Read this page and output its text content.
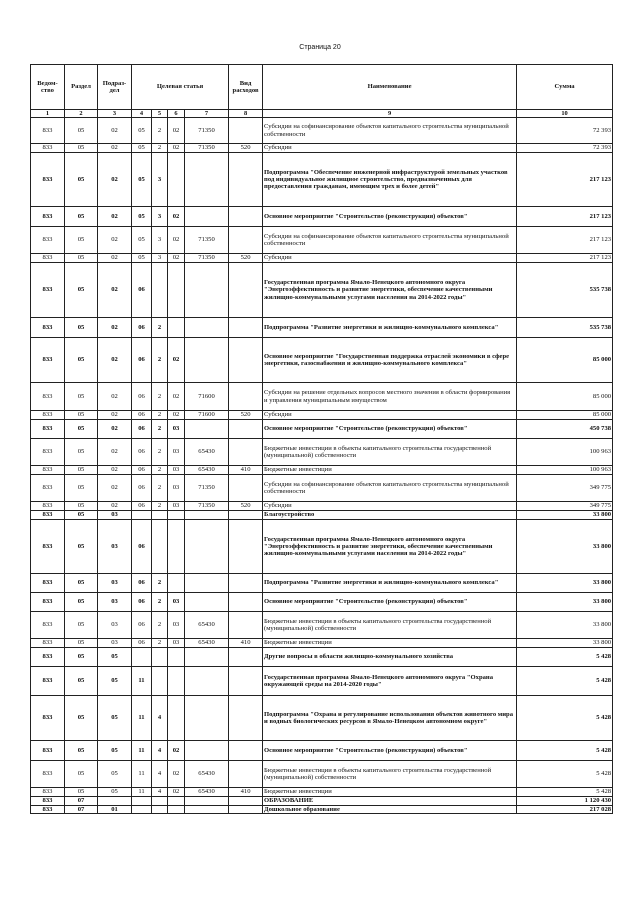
Страница 20
Ведом-ство	Раздел	Подраз-дел	Целевая статья				Вид расходов	Наименование	Сумма
1	2	3	4	5	6	7	8	9	10
833	05	02	05	2	02	71350		Субсидии на софинансирование объектов капитального строительства муниципальной собственности	72 393
833	05	02	05	2	02	71350	520	Субсидии	72 393
833	05	02	05	3				Подпрограмма "Обеспечение инженерной инфраструктурой земельных участков под индивидуальное жилищное строительство, предназначенных для предоставления гражданам, имеющим трех и более детей"	217 123
833	05	02	05	3	02			Основное мероприятие "Строительство (реконструкция) объектов"	217 123
833	05	02	05	3	02	71350		Субсидии на софинансирование объектов капитального строительства муниципальной собственности	217 123
833	05	02	05	3	02	71350	520	Субсидии	217 123
833	05	02	06					Государственная программа Ямало-Ненецкого автономного округа "Энергоэффективность и развитие энергетики, обеспечение качественными жилищно-коммунальными услугами населения на 2014-2022 годы"	535 738
833	05	02	06	2				Подпрограмма "Развитие энергетики и жилищно-коммунального комплекса"	535 738
833	05	02	06	2	02			Основное мероприятие "Государственная поддержка отраслей экономики в сфере энергетики, газоснабжения и жилищно-коммунального комплекса"	85 000
833	05	02	06	2	02	71600		Субсидии на решение отдельных вопросов местного значения в области формирования и управления муниципальным имуществом	85 000
833	05	02	06	2	02	71600	520	Субсидии	85 000
833	05	02	06	2	03			Основное мероприятие "Строительство (реконструкция) объектов"	450 738
833	05	02	06	2	03	65430		Бюджетные инвестиции в объекты капитального строительства государственной (муниципальной) собственности	100 963
833	05	02	06	2	03	65430	410	Бюджетные инвестиции	100 963
833	05	02	06	2	03	71350		Субсидии на софинансирование объектов капитального строительства муниципальной собственности	349 775
833	05	02	06	2	03	71350	520	Субсидии	349 775
833	05	03						Благоустройство	33 800
833	05	03	06					Государственная программа Ямало-Ненецкого автономного округа "Энергоэффективность и развитие энергетики, обеспечение качественными жилищно-коммунальными услугами населения на 2014-2022 годы"	33 800
833	05	03	06	2				Подпрограмма "Развитие энергетики и жилищно-коммунального комплекса"	33 800
833	05	03	06	2	03			Основное мероприятие "Строительство (реконструкция) объектов"	33 800
833	05	03	06	2	03	65430		Бюджетные инвестиции в объекты капитального строительства государственной (муниципальной) собственности	33 800
833	05	03	06	2	03	65430	410	Бюджетные инвестиции	33 800
833	05	05						Другие вопросы в области жилищно-коммунального хозяйства	5 428
833	05	05	11					Государственная программа Ямало-Ненецкого автономного округа "Охрана окружающей среды на 2014-2020 годы"	5 428
833	05	05	11	4				Подпрограмма "Охрана и регулирование использования объектов животного мира и водных биологических ресурсов в Ямало-Ненецком автономном округе"	5 428
833	05	05	11	4	02			Основное мероприятие "Строительство (реконструкция) объектов"	5 428
833	05	05	11	4	02	65430		Бюджетные инвестиции в объекты капитального строительства государственной (муниципальной) собственности	5 428
833	05	05	11	4	02	65430	410	Бюджетные инвестиции	5 428
833	07							ОБРАЗОВАНИЕ	1 120 430
833	07	01						Дошкольное образование	217 028
